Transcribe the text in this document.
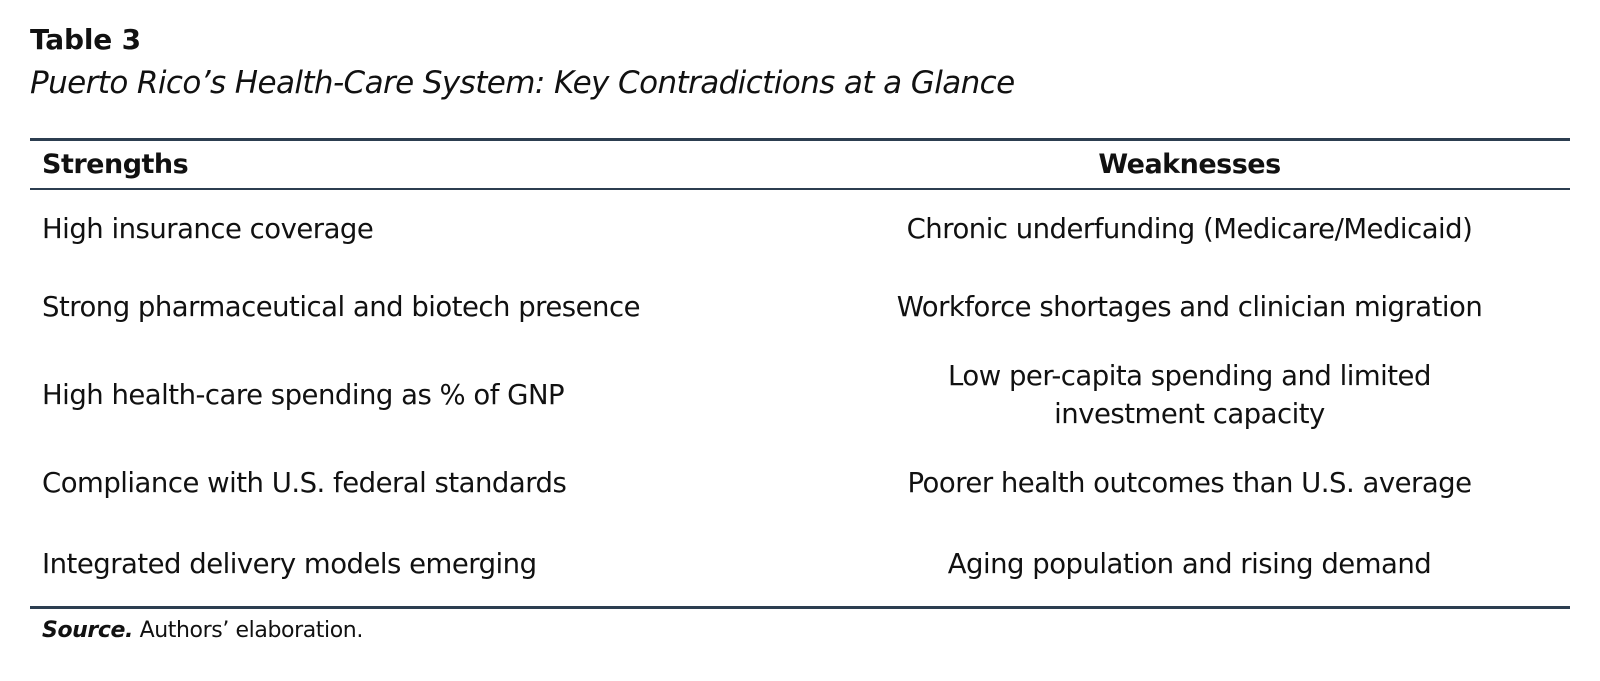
Table 3

Puerto Rico’s Health-Care System: Key Contradictions at a Glance

Strengths	Weaknesses
High insurance coverage	Chronic underfunding (Medicare/Medicaid)
Strong pharmaceutical and biotech presence	Workforce shortages and clinician migration
High health-care spending as % of GNP	Low per-capita spending and limited
investment capacity
Compliance with U.S. federal standards	Poorer health outcomes than U.S. average
Integrated delivery models emerging	Aging population and rising demand

Source. Authors’ elaboration.
